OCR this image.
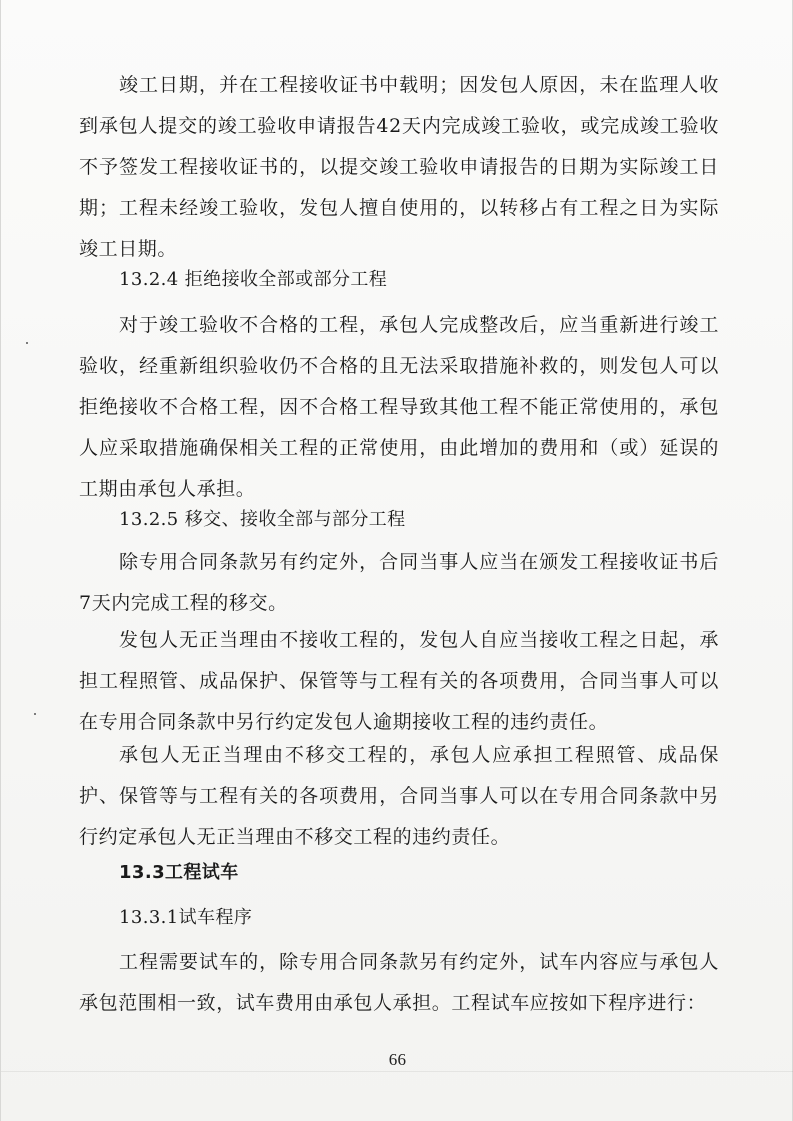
竣工日期，并在工程接收证书中载明；因发包人原因，未在监理人收到承包人提交的竣工验收申请报告42天内完成竣工验收，或完成竣工验收不予签发工程接收证书的，以提交竣工验收申请报告的日期为实际竣工日期；工程未经竣工验收，发包人擅自使用的，以转移占有工程之日为实际竣工日期。

13.2.4 拒绝接收全部或部分工程

对于竣工验收不合格的工程，承包人完成整改后，应当重新进行竣工验收，经重新组织验收仍不合格的且无法采取措施补救的，则发包人可以拒绝接收不合格工程，因不合格工程导致其他工程不能正常使用的，承包人应采取措施确保相关工程的正常使用，由此增加的费用和（或）延误的工期由承包人承担。

13.2.5 移交、接收全部与部分工程

除专用合同条款另有约定外，合同当事人应当在颁发工程接收证书后7天内完成工程的移交。

发包人无正当理由不接收工程的，发包人自应当接收工程之日起，承担工程照管、成品保护、保管等与工程有关的各项费用，合同当事人可以在专用合同条款中另行约定发包人逾期接收工程的违约责任。

承包人无正当理由不移交工程的，承包人应承担工程照管、成品保护、保管等与工程有关的各项费用，合同当事人可以在专用合同条款中另行约定承包人无正当理由不移交工程的违约责任。

13.3工程试车
13.3.1试车程序

工程需要试车的，除专用合同条款另有约定外，试车内容应与承包人承包范围相一致，试车费用由承包人承担。工程试车应按如下程序进行：

66
